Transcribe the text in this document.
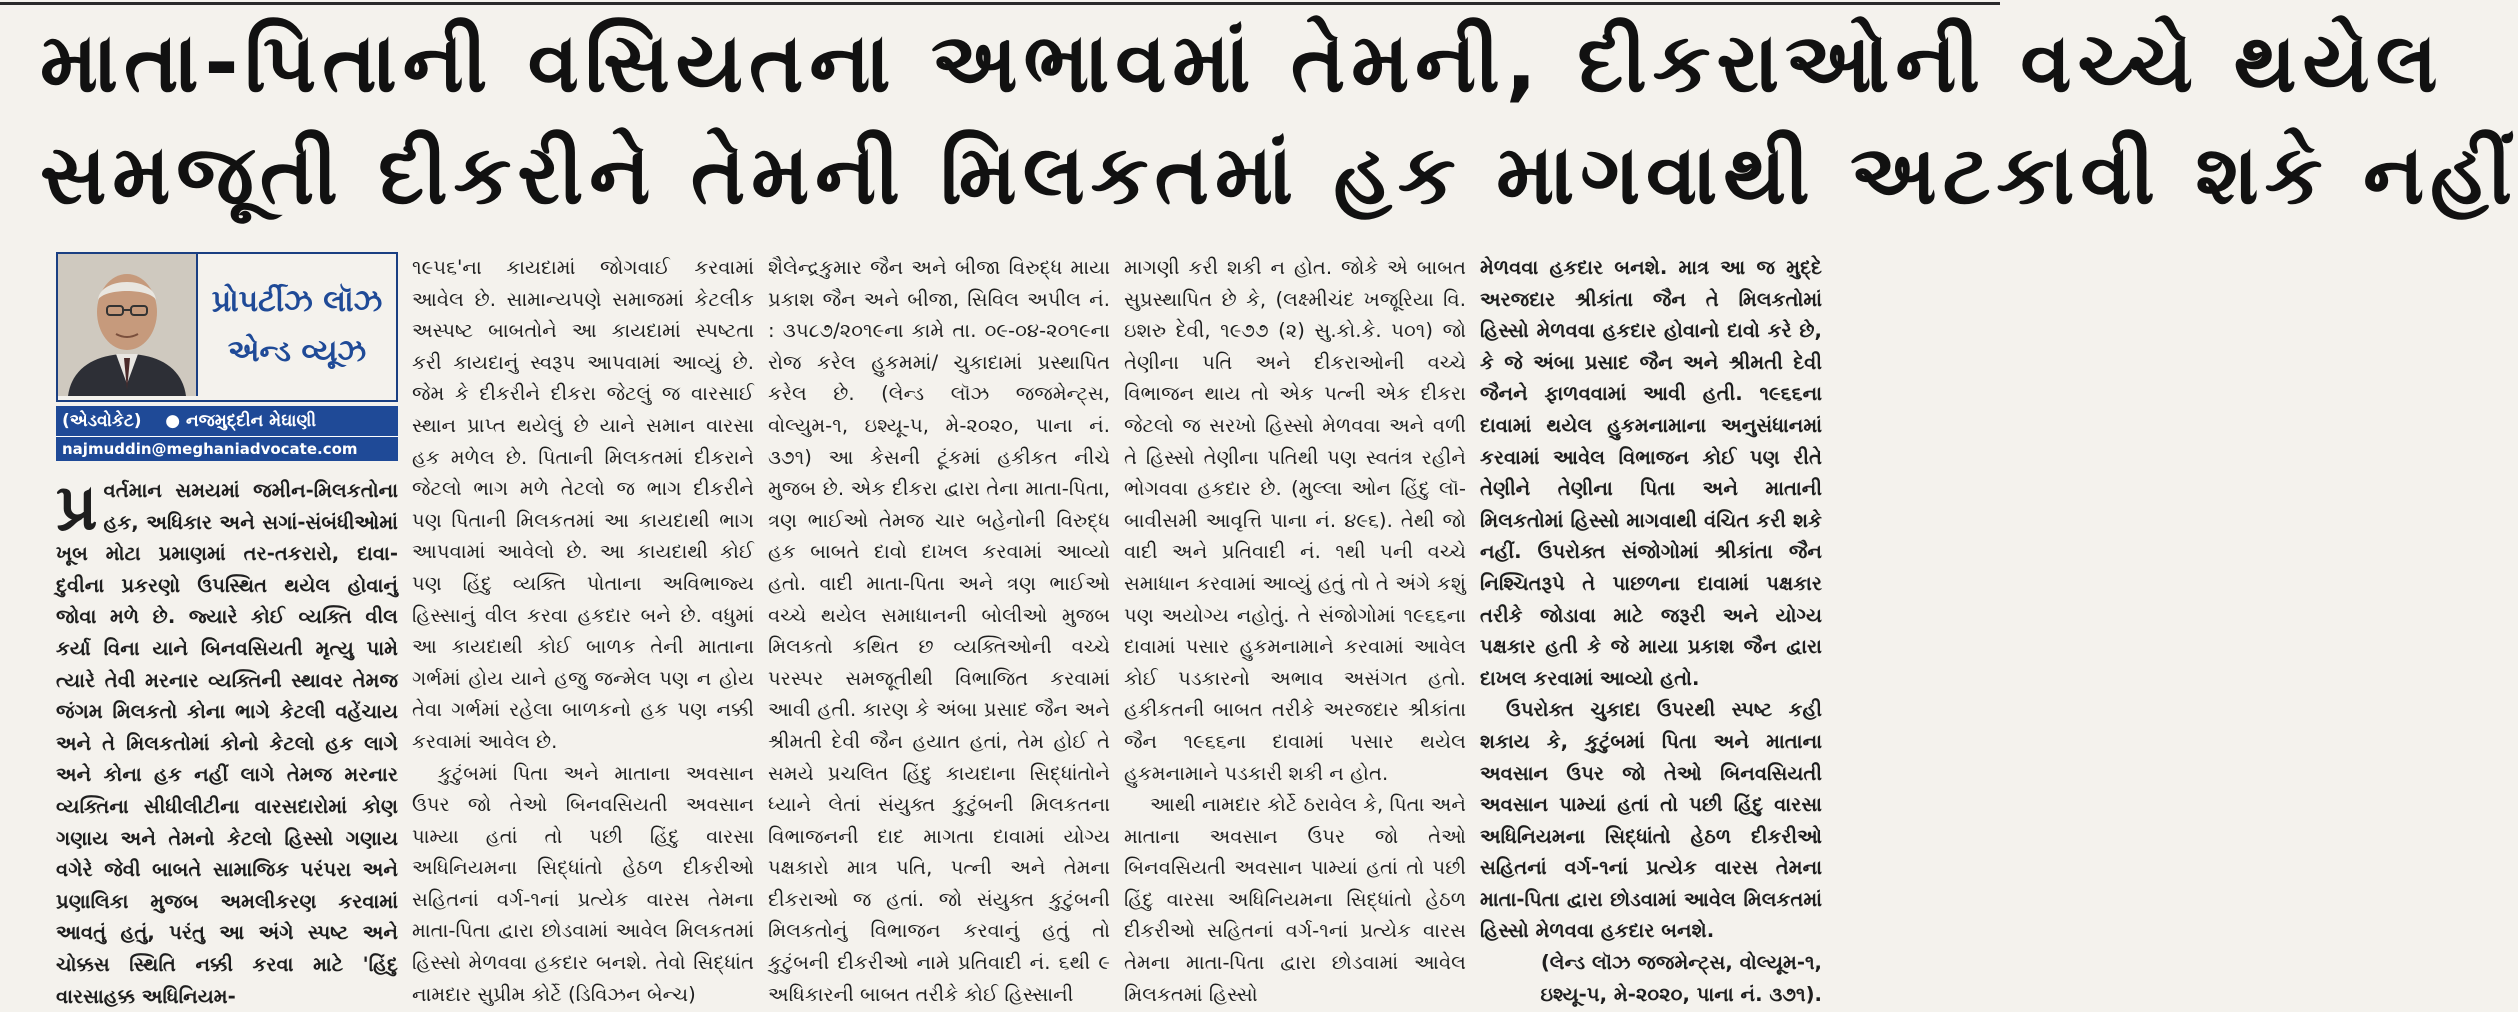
માતા-પિતાની વસિયતના અભાવમાં તેમની, દીકરાઓની વચ્ચે થયેલ
સમજૂતી દીકરીને તેમની મિલકતમાં હક માગવાથી અટકાવી શકે નહીં
પ્રોપર્ટીઝ લૉઝ
એન્ડ વ્યૂઝ
(એડવોકેટ) ● નજમુદ્દીન મેઘાણી
najmuddin@meghaniadvocate.com

પ્ર વર્તમાન સમયમાં જમીન-મિલકતોના હક, અધિકાર અને સગાં-સંબંધીઓમાં ખૂબ મોટા પ્રમાણમાં તર-તકરારો, દાવા-દુવીના પ્રકરણો ઉપસ્થિત થયેલ હોવાનું જોવા મળે છે. જ્યારે કોઈ વ્યક્તિ વીલ કર્યા વિના યાને બિનવસિયતી મૃત્યુ પામે ત્યારે તેવી મરનાર વ્યક્તિની સ્થાવર તેમજ જંગમ મિલકતો કોના ભાગે કેટલી વહેંચાય અને તે મિલકતોમાં કોનો કેટલો હક લાગે અને કોના હક નહીં લાગે તેમજ મરનાર વ્યક્તિના સીધીલીટીના વારસદારોમાં કોણ ગણાય અને તેમનો કેટલો હિસ્સો ગણાય વગેરે જેવી બાબતે સામાજિક પરંપરા અને પ્રણાલિકા મુજબ અમલીકરણ કરવામાં આવતું હતું, પરંતુ આ અંગે સ્પષ્ટ અને ચોક્કસ સ્થિતિ નક્કી કરવા માટે 'હિંદુ વારસાહક્ક અધિનિયમ-

૧૯૫૬'ના કાયદામાં જોગવાઈ કરવામાં આવેલ છે. સામાન્યપણે સમાજમાં કેટલીક અસ્પષ્ટ બાબતોને આ કાયદામાં સ્પષ્ટતા કરી કાયદાનું સ્વરૂપ આપવામાં આવ્યું છે. જેમ કે દીકરીને દીકરા જેટલું જ વારસાઈ સ્થાન પ્રાપ્ત થયેલું છે યાને સમાન વારસા હક મળેલ છે. પિતાની મિલકતમાં દીકરાને જેટલો ભાગ મળે તેટલો જ ભાગ દીકરીને પણ પિતાની મિલકતમાં આ કાયદાથી ભાગ આપવામાં આવેલો છે. આ કાયદાથી કોઈ પણ હિંદુ વ્યક્તિ પોતાના અવિભાજ્ય હિસ્સાનું વીલ કરવા હકદાર બને છે. વધુમાં આ કાયદાથી કોઈ બાળક તેની માતાના ગર્ભમાં હોય યાને હજુ જન્મેલ પણ ન હોય તેવા ગર્ભમાં રહેલા બાળકનો હક પણ નક્કી કરવામાં આવેલ છે.

કુટુંબમાં પિતા અને માતાના અવસાન ઉપર જો તેઓ બિનવસિયતી અવસાન પામ્યા હતાં તો પછી હિંદુ વારસા અધિનિયમના સિદ્ધાંતો હેઠળ દીકરીઓ સહિતનાં વર્ગ-૧નાં પ્રત્યેક વારસ તેમના માતા-પિતા દ્વારા છોડવામાં આવેલ મિલકતમાં હિસ્સો મેળવવા હકદાર બનશે. તેવો સિદ્ધાંત નામદાર સુપ્રીમ કોર્ટે (ડિવિઝન બેન્ચ)

શૈલેન્દ્રકુમાર જૈન અને બીજા વિરુદ્ધ માયા પ્રકાશ જૈન અને બીજા, સિવિલ અપીલ નં. : ૩૫૮૭/૨૦૧૯ના કામે તા. ૦૯-૦૪-૨૦૧૯ના રોજ કરેલ હુકમમાં/ ચુકાદામાં પ્રસ્થાપિત કરેલ છે. (લેન્ડ લૉઝ જજમેન્ટ્સ, વોલ્યુમ-૧, ઇશ્યૂ-૫, મે-૨૦૨૦, પાના નં. ૩૭૧) આ કેસની ટૂંકમાં હકીકત નીચે મુજબ છે. એક દીકરા દ્વારા તેના માતા-પિતા, ત્રણ ભાઈઓ તેમજ ચાર બહેનોની વિરુદ્ધ હક બાબતે દાવો દાખલ કરવામાં આવ્યો હતો. વાદી માતા-પિતા અને ત્રણ ભાઈઓ વચ્ચે થયેલ સમાધાનની બોલીઓ મુજબ મિલકતો કથિત છ વ્યક્તિઓની વચ્ચે પરસ્પર સમજૂતીથી વિભાજિત કરવામાં આવી હતી. કારણ કે અંબા પ્રસાદ જૈન અને શ્રીમતી દેવી જૈન હયાત હતાં, તેમ હોઈ તે સમયે પ્રચલિત હિંદુ કાયદાના સિદ્ધાંતોને ધ્યાને લેતાં સંયુક્ત કુટુંબની મિલકતના વિભાજનની દાદ માગતા દાવામાં યોગ્ય પક્ષકારો માત્ર પતિ, પત્ની અને તેમના દીકરાઓ જ હતાં. જો સંયુક્ત કુટુંબની મિલકતોનું વિભાજન કરવાનું હતું તો કુટુંબની દીકરીઓ નામે પ્રતિવાદી નં. ૬થી ૯ અધિકારની બાબત તરીકે કોઈ હિસ્સાની

માગણી કરી શકી ન હોત. જોકે એ બાબત સુપ્રસ્થાપિત છે કે, (લક્ષ્મીચંદ ખજૂરિયા વિ. ઇશરુ દેવી, ૧૯૭૭ (૨) સુ.કો.કે. ૫૦૧) જો તેણીના પતિ અને દીકરાઓની વચ્ચે વિભાજન થાય તો એક પત્ની એક દીકરા જેટલો જ સરખો હિસ્સો મેળવવા અને વળી તે હિસ્સો તેણીના પતિથી પણ સ્વતંત્ર રહીને ભોગવવા હકદાર છે. (મુલ્લા ઓન હિંદુ લૉ-બાવીસમી આવૃત્તિ પાના નં. ૪૯૬). તેથી જો વાદી અને પ્રતિવાદી નં. ૧થી ૫ની વચ્ચે સમાધાન કરવામાં આવ્યું હતું તો તે અંગે કશું પણ અયોગ્ય નહોતું. તે સંજોગોમાં ૧૯૬૬ના દાવામાં પસાર હુકમનામાને કરવામાં આવેલ કોઈ પડકારનો અભાવ અસંગત હતો. હકીકતની બાબત તરીકે અરજદાર શ્રીકાંતા જૈન ૧૯૬૬ના દાવામાં પસાર થયેલ હુકમનામાને પડકારી શકી ન હોત.

આથી નામદાર કોર્ટે ઠરાવેલ કે, પિતા અને માતાના અવસાન ઉપર જો તેઓ બિનવસિયતી અવસાન પામ્યાં હતાં તો પછી હિંદુ વારસા અધિનિયમના સિદ્ધાંતો હેઠળ દીકરીઓ સહિતનાં વર્ગ-૧નાં પ્રત્યેક વારસ તેમના માતા-પિતા દ્વારા છોડવામાં આવેલ મિલકતમાં હિસ્સો

મેળવવા હકદાર બનશે. માત્ર આ જ મુદ્દે અરજદાર શ્રીકાંતા જૈન તે મિલકતોમાં હિસ્સો મેળવવા હકદાર હોવાનો દાવો કરે છે, કે જે અંબા પ્રસાદ જૈન અને શ્રીમતી દેવી જૈનને ફાળવવામાં આવી હતી. ૧૯૬૬ના દાવામાં થયેલ હુકમનામાના અનુસંધાનમાં કરવામાં આવેલ વિભાજન કોઈ પણ રીતે તેણીને તેણીના પિતા અને માતાની મિલકતોમાં હિસ્સો માગવાથી વંચિત કરી શકે નહીં. ઉપરોક્ત સંજોગોમાં શ્રીકાંતા જૈન નિશ્ચિતરૂપે તે પાછળના દાવામાં પક્ષકાર તરીકે જોડાવા માટે જરૂરી અને યોગ્ય પક્ષકાર હતી કે જે માયા પ્રકાશ જૈન દ્વારા દાખલ કરવામાં આવ્યો હતો.

ઉપરોક્ત ચુકાદા ઉપરથી સ્પષ્ટ કહી શકાય કે, કુટુંબમાં પિતા અને માતાના અવસાન ઉપર જો તેઓ બિનવસિયતી અવસાન પામ્યાં હતાં તો પછી હિંદુ વારસા અધિનિયમના સિદ્ધાંતો હેઠળ દીકરીઓ સહિતનાં વર્ગ-૧નાં પ્રત્યેક વારસ તેમના માતા-પિતા દ્વારા છોડવામાં આવેલ મિલકતમાં હિસ્સો મેળવવા હકદાર બનશે.

(લેન્ડ લૉઝ જજમેન્ટ્સ, વોલ્યૂમ-૧, ઇશ્યૂ-૫, મે-૨૦૨૦, પાના નં. ૩૭૧).
